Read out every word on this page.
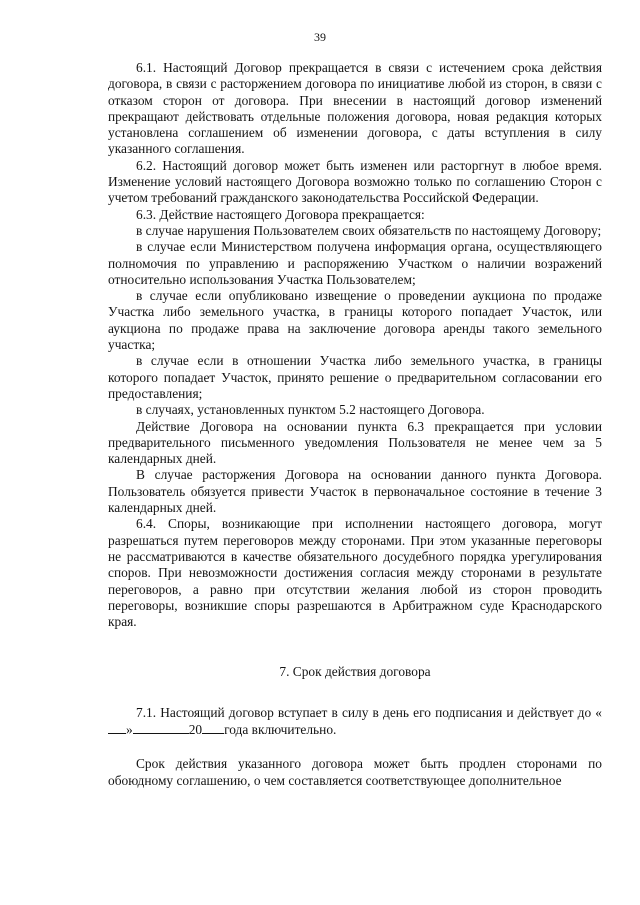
39

6.1. Настоящий Договор прекращается в связи с истечением срока действия договора, в связи с расторжением договора по инициативе любой из сторон, в связи с отказом сторон от договора. При внесении в настоящий договор изменений прекращают действовать отдельные положения договора, новая редакция которых установлена соглашением об изменении договора, с даты вступления в силу указанного соглашения.

6.2. Настоящий договор может быть изменен или расторгнут в любое время. Изменение условий настоящего Договора возможно только по соглашению Сторон с учетом требований гражданского законодательства Российской Федерации.

6.3. Действие настоящего Договора прекращается:

в случае нарушения Пользователем своих обязательств по настоящему Договору;

в случае если Министерством получена информация органа, осуществляющего полномочия по управлению и распоряжению Участком о наличии возражений относительно использования Участка Пользователем;

в случае если опубликовано извещение о проведении аукциона по продаже Участка либо земельного участка, в границы которого попадает Участок, или аукциона по продаже права на заключение договора аренды такого земельного участка;

в случае если в отношении Участка либо земельного участка, в границы которого попадает Участок, принято решение о предварительном согласовании его предоставления;

в случаях, установленных пунктом 5.2 настоящего Договора.

Действие Договора на основании пункта 6.3 прекращается при условии предварительного письменного уведомления Пользователя не менее чем за 5 календарных дней.

В случае расторжения Договора на основании данного пункта Договора. Пользователь обязуется привести Участок в первоначальное состояние в течение 3 календарных дней.

6.4. Споры, возникающие при исполнении настоящего договора, могут разрешаться путем переговоров между сторонами. При этом указанные переговоры не рассматриваются в качестве обязательного досудебного порядка урегулирования споров. При невозможности достижения согласия между сторонами в результате переговоров, а равно при отсутствии желания любой из сторон проводить переговоры, возникшие споры разрешаются в Арбитражном суде Краснодарского края.

7. Срок действия договора

7.1. Настоящий договор вступает в силу в день его подписания и действует до «»	20 года включительно.

Срок действия указанного договора может быть продлен сторонами по обоюдному соглашению, о чем составляется соответствующее дополнительное
